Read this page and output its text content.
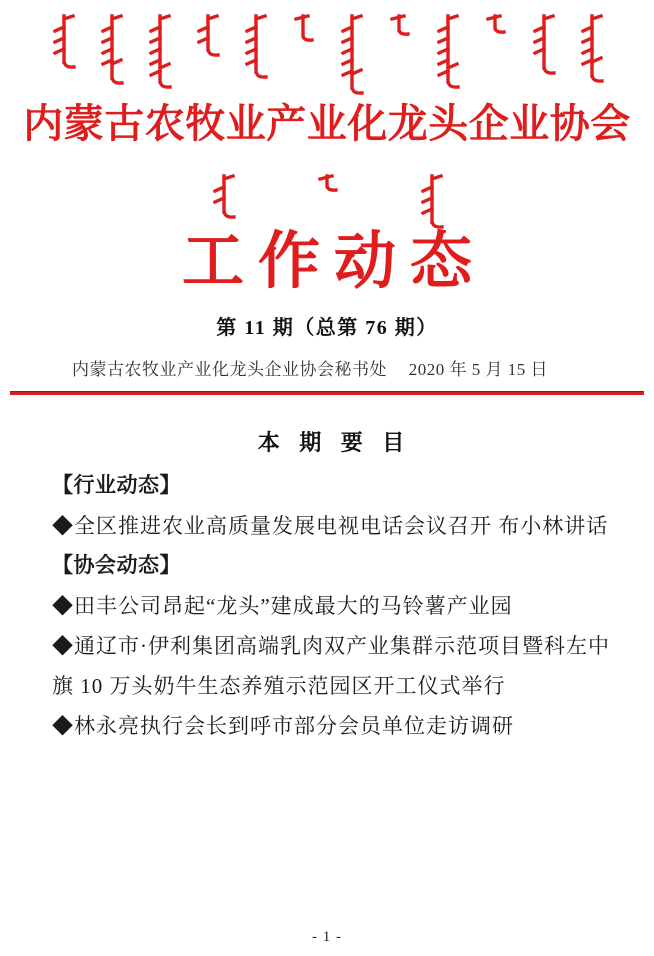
内蒙古农牧业产业化龙头企业协会
工作动态
第 11 期（总第 76 期）
内蒙古农牧业产业化龙头企业协会秘书处 2020 年 5 月 15 日
本 期 要 目
【行业动态】
◆全区推进农业高质量发展电视电话会议召开 布小林讲话
【协会动态】
◆田丰公司昂起“龙头”建成最大的马铃薯产业园
◆通辽市·伊利集团高端乳肉双产业集群示范项目暨科左中旗 10 万头奶牛生态养殖示范园区开工仪式举行
◆林永亮执行会长到呼市部分会员单位走访调研
- 1 -
